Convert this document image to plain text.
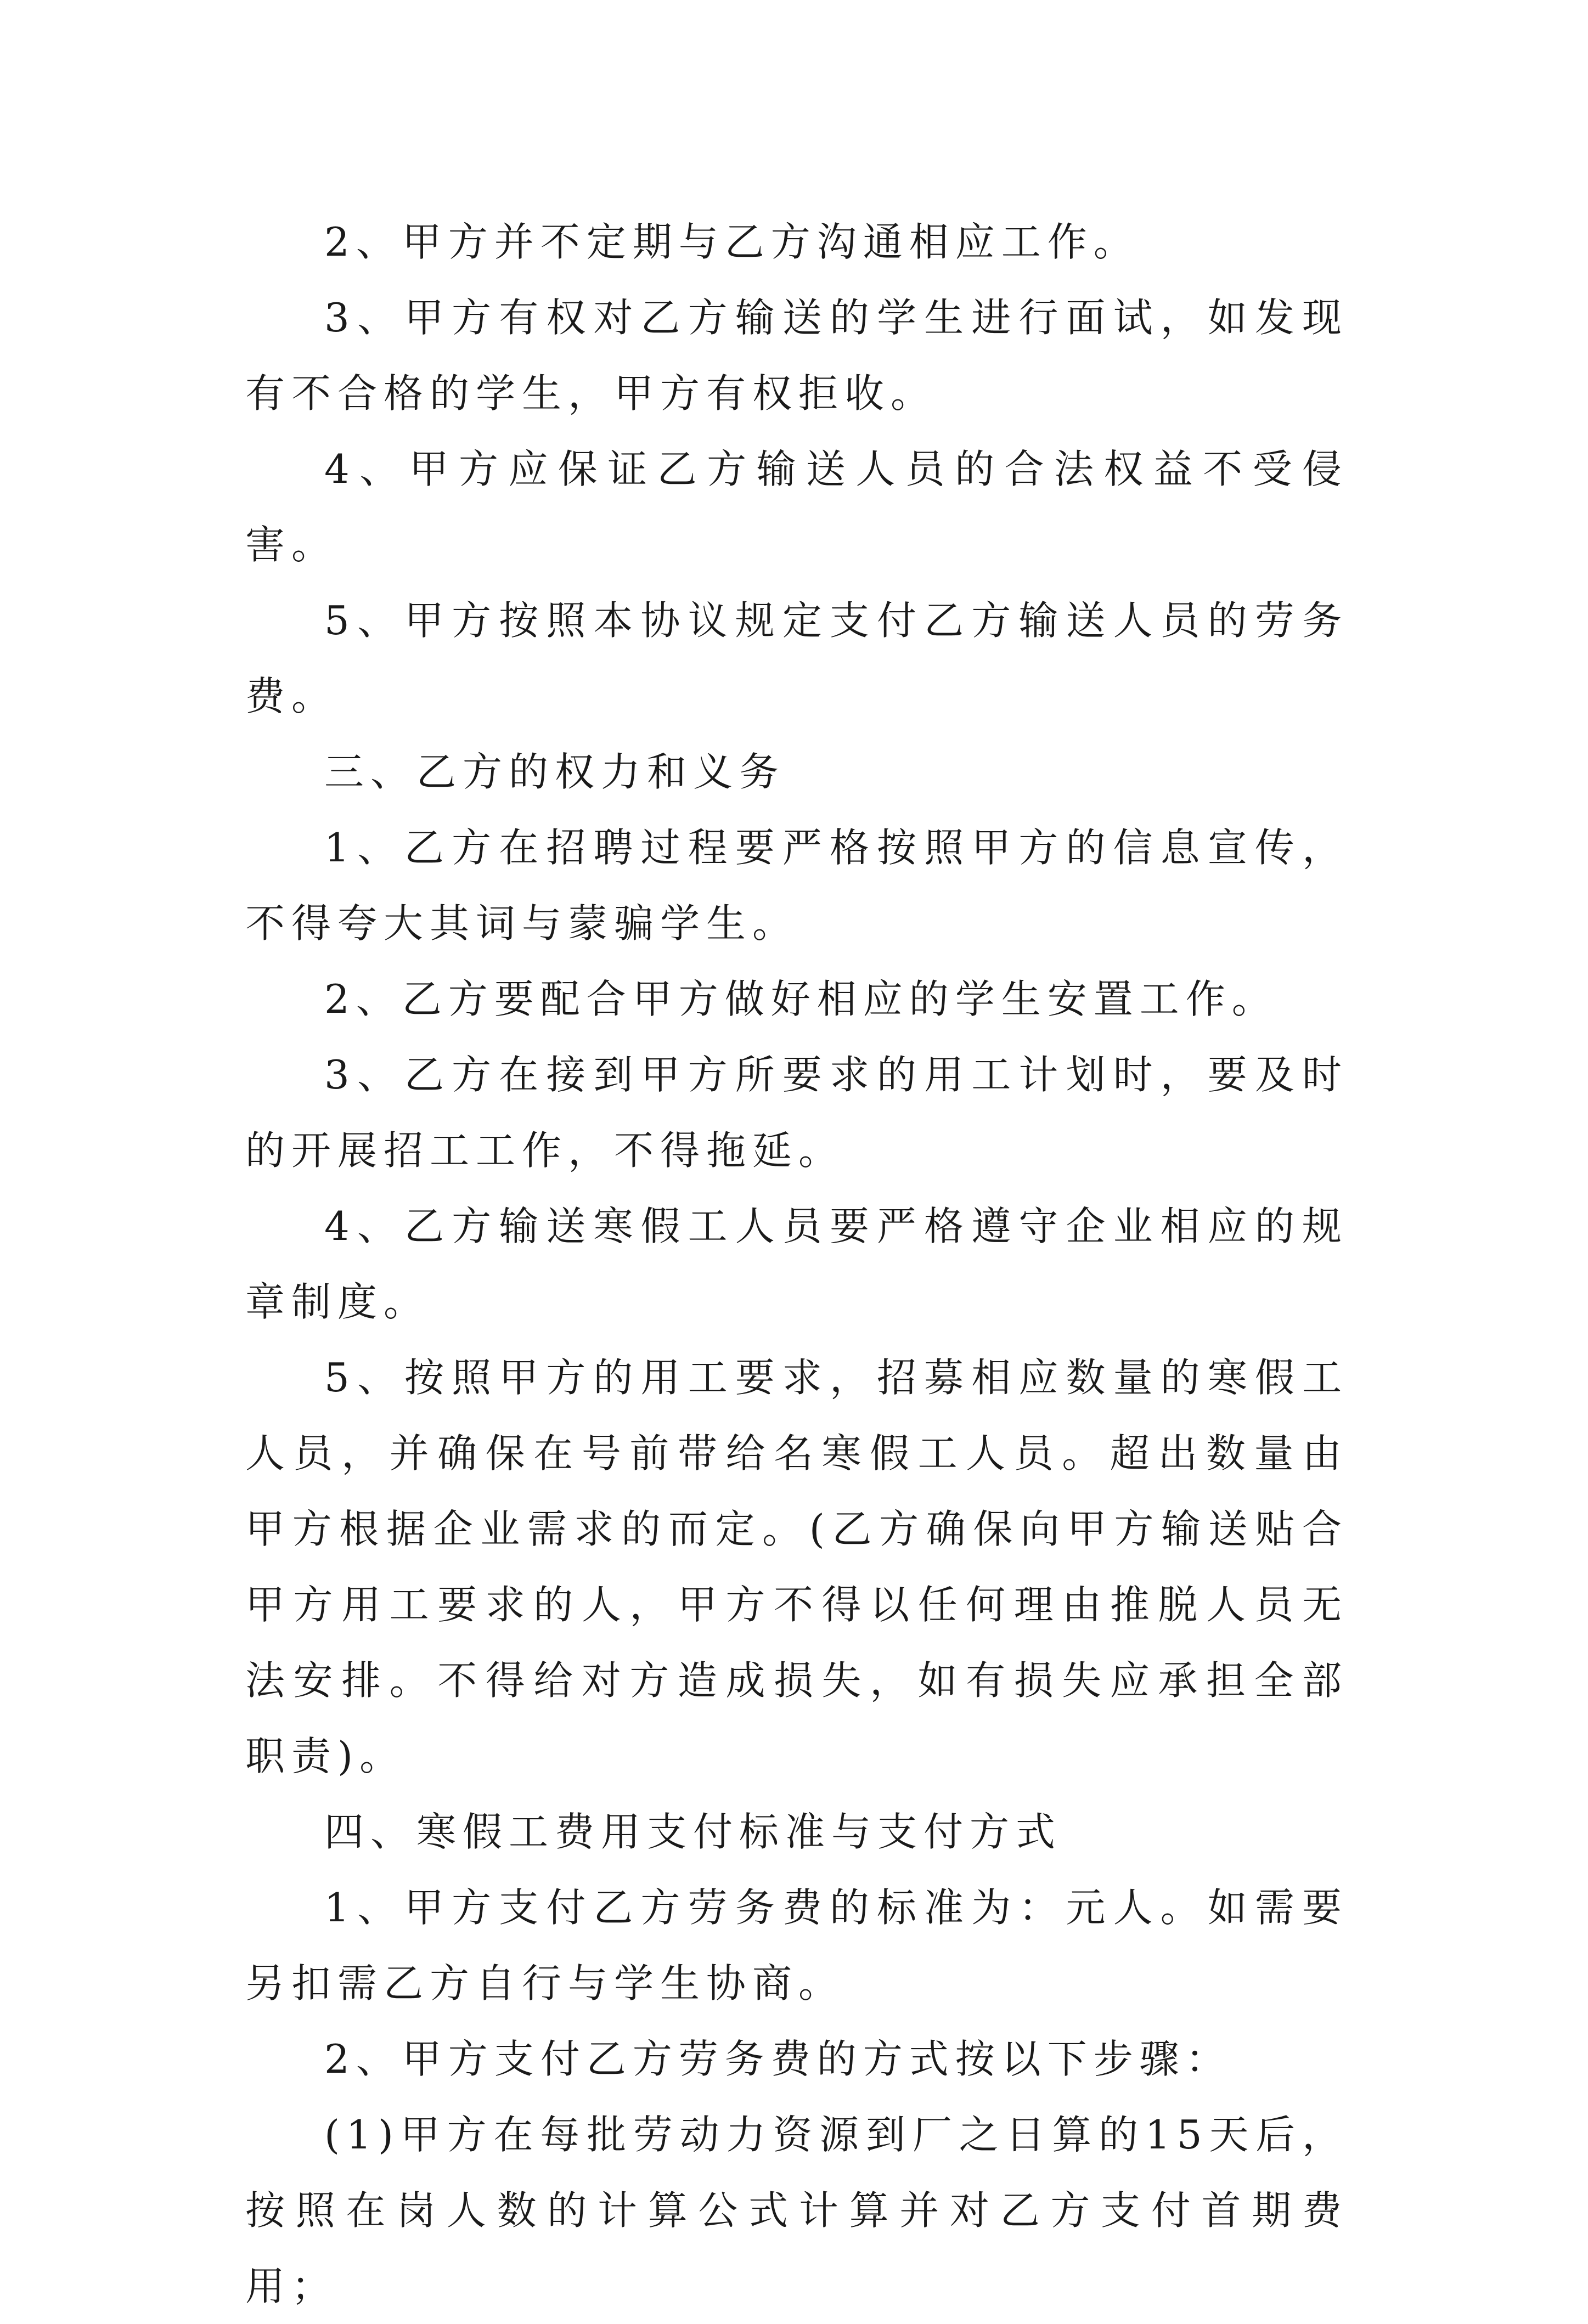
2、甲方并不定期与乙方沟通相应工作。

3、甲方有权对乙方输送的学生进行面试，如发现有不合格的学生，甲方有权拒收。

4、甲方应保证乙方输送人员的合法权益不受侵害。

5、甲方按照本协议规定支付乙方输送人员的劳务费。

三、乙方的权力和义务

1、乙方在招聘过程要严格按照甲方的信息宣传，不得夸大其词与蒙骗学生。

2、乙方要配合甲方做好相应的学生安置工作。

3、乙方在接到甲方所要求的用工计划时，要及时的开展招工工作，不得拖延。

4、乙方输送寒假工人员要严格遵守企业相应的规章制度。

5、按照甲方的用工要求，招募相应数量的寒假工人员，并确保在号前带给名寒假工人员。超出数量由甲方根据企业需求的而定。(乙方确保向甲方输送贴合甲方用工要求的人，甲方不得以任何理由推脱人员无法安排。不得给对方造成损失，如有损失应承担全部职责)。

四、寒假工费用支付标准与支付方式

1、甲方支付乙方劳务费的标准为：元人。如需要另扣需乙方自行与学生协商。

2、甲方支付乙方劳务费的方式按以下步骤：

(1)甲方在每批劳动力资源到厂之日算的15天后，按照在岗人数的计算公式计算并对乙方支付首期费用；
